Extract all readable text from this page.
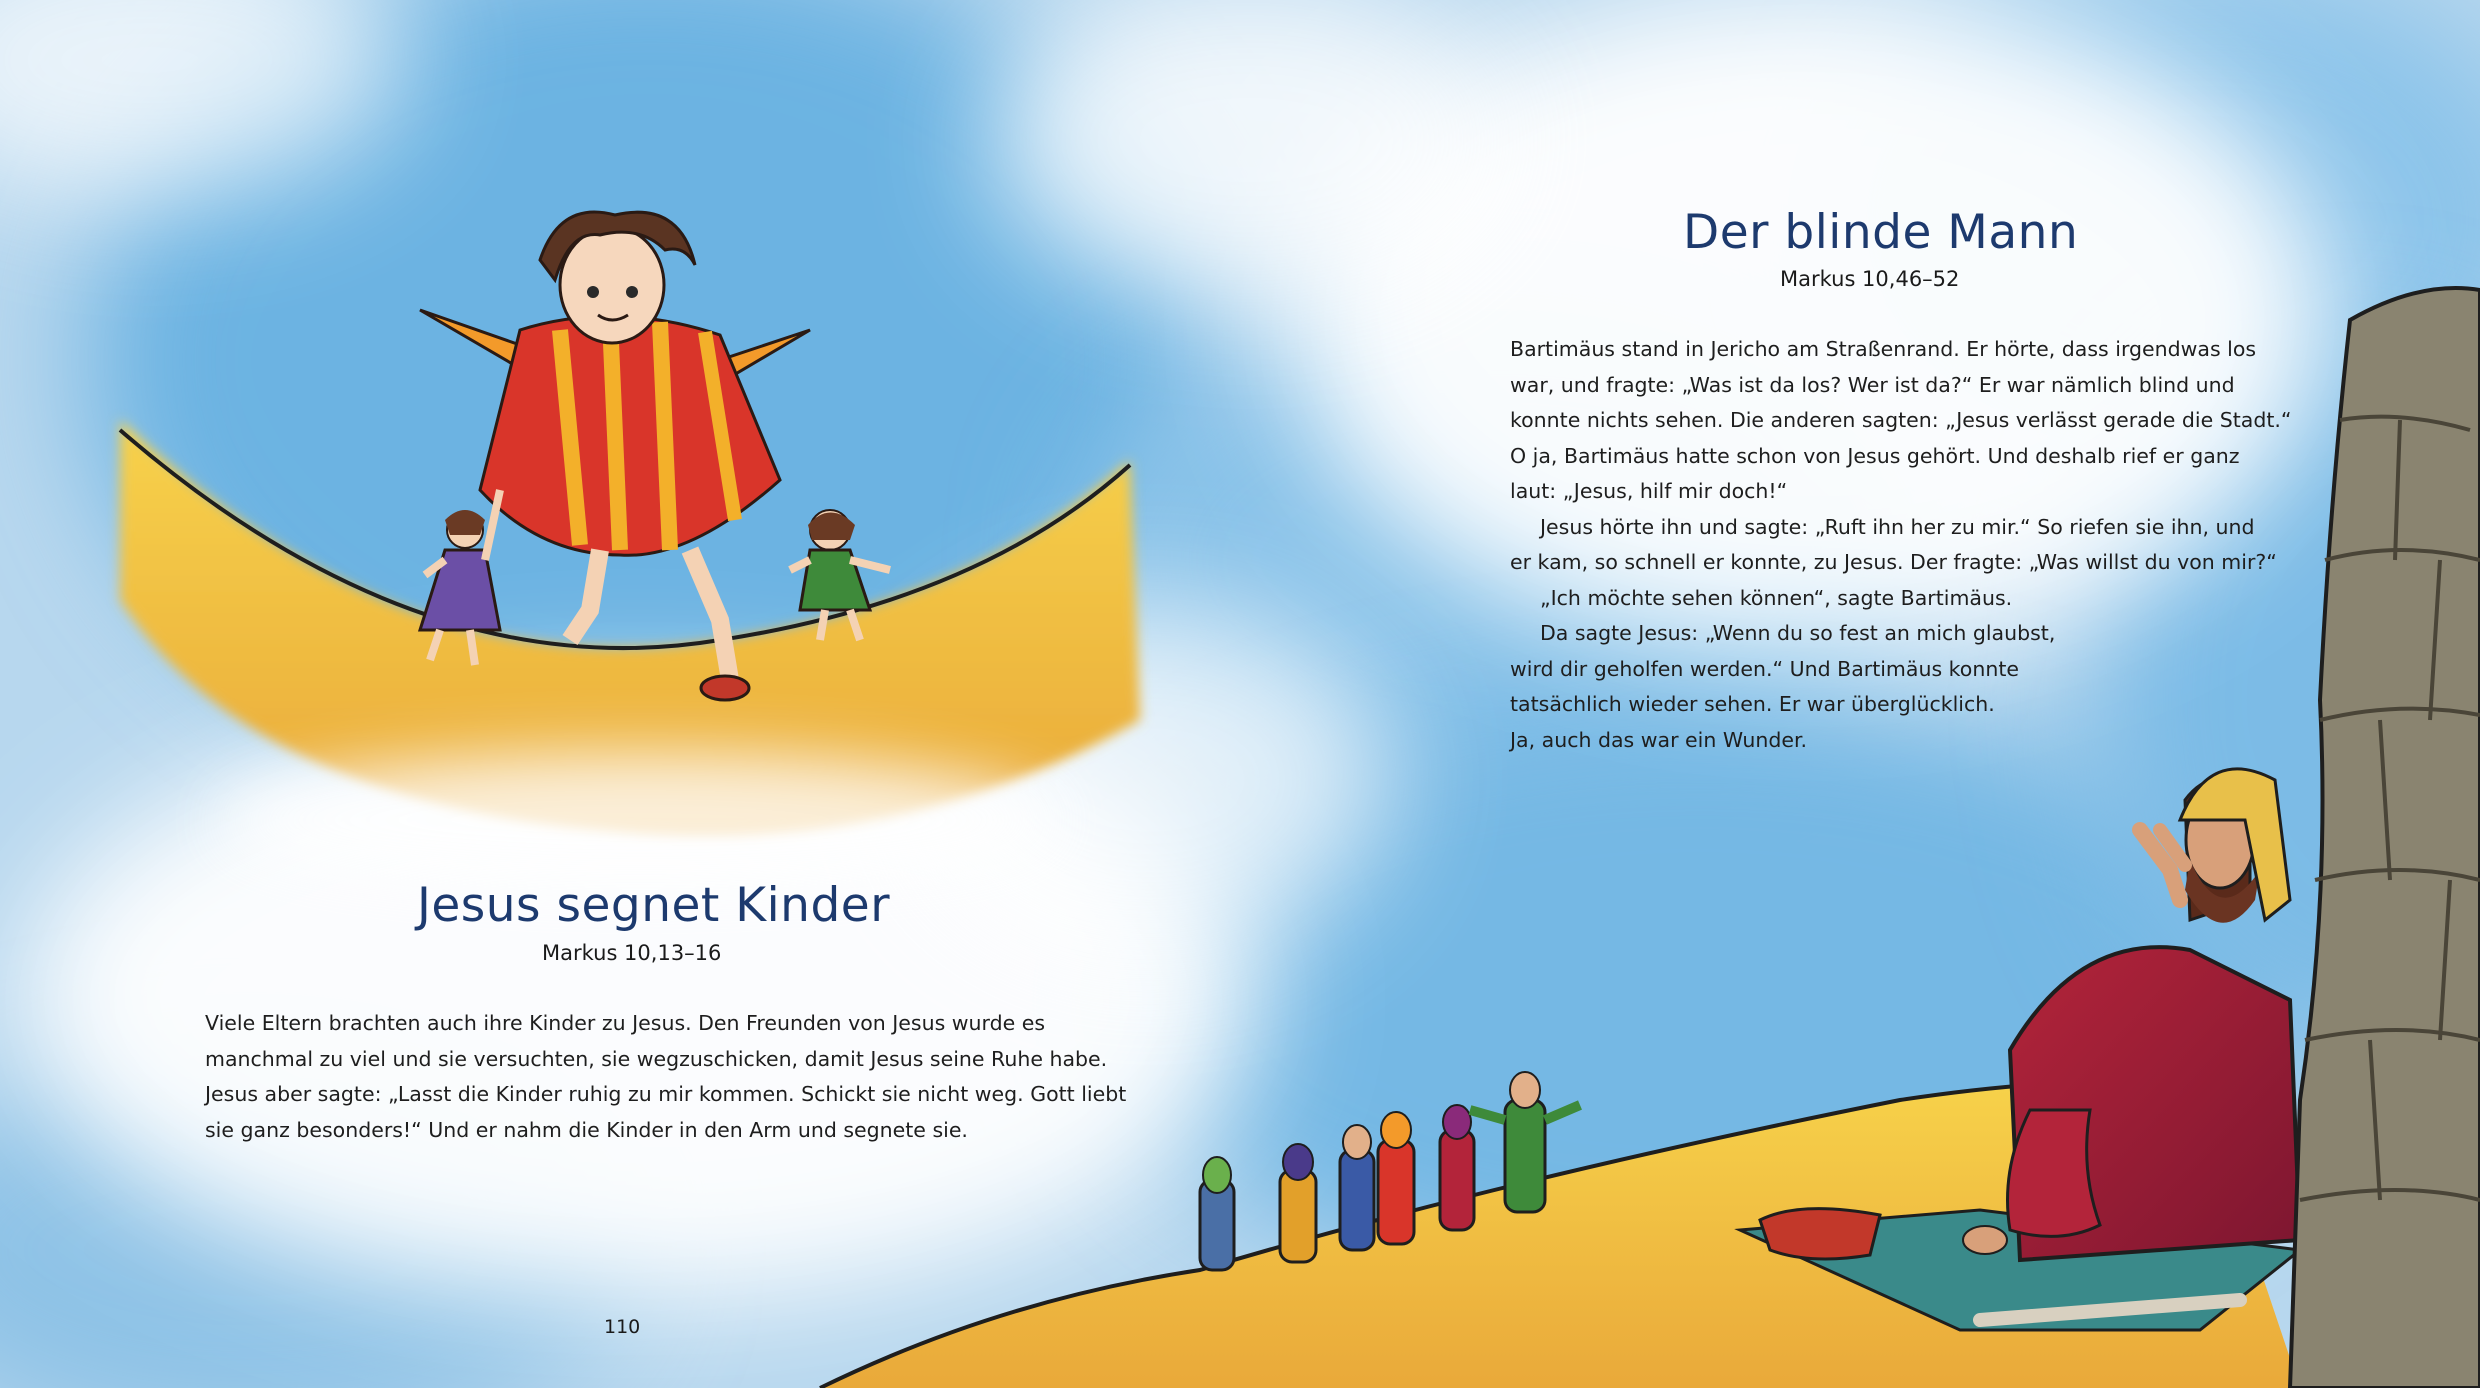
Jesus segnet Kinder
Markus 10,13–16
Viele Eltern brachten auch ihre Kinder zu Jesus. Den Freunden von Jesus wurde es
manchmal zu viel und sie versuchten, sie wegzuschicken, damit Jesus seine Ruhe habe.
Jesus aber sagte: „Lasst die Kinder ruhig zu mir kommen. Schickt sie nicht weg. Gott liebt
sie ganz besonders!“ Und er nahm die Kinder in den Arm und segnete sie.
110
Der blinde Mann
Markus 10,46–52
Bartimäus stand in Jericho am Straßenrand. Er hörte, dass irgendwas los
war, und fragte: „Was ist da los? Wer ist da?“ Er war nämlich blind und
konnte nichts sehen. Die anderen sagten: „Jesus verlässt gerade die Stadt.“
O ja, Bartimäus hatte schon von Jesus gehört. Und deshalb rief er ganz
laut: „Jesus, hilf mir doch!“
Jesus hörte ihn und sagte: „Ruft ihn her zu mir.“ So riefen sie ihn, und
er kam, so schnell er konnte, zu Jesus. Der fragte: „Was willst du von mir?“
„Ich möchte sehen können“, sagte Bartimäus.
Da sagte Jesus: „Wenn du so fest an mich glaubst,
wird dir geholfen werden.“ Und Bartimäus konnte
tatsächlich wieder sehen. Er war überglücklich.
Ja, auch das war ein Wunder.
